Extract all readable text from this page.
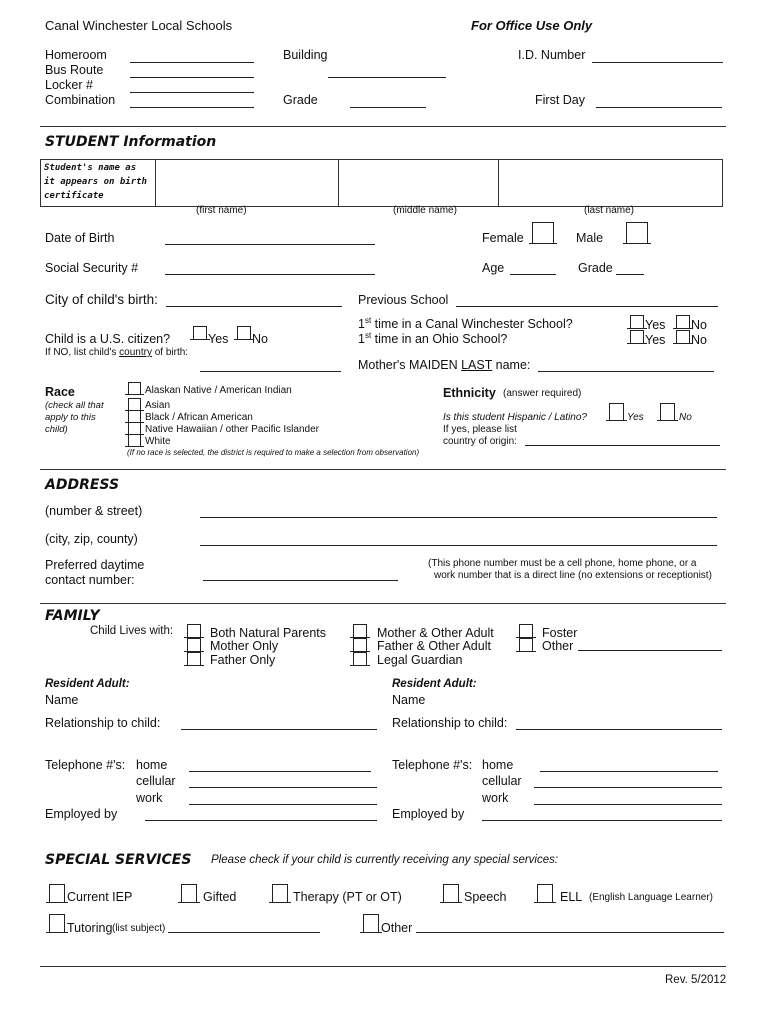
Canal Winchester Local Schools	For Office Use Only
Homeroom
Bus Route
Locker #
Combination
Building
Grade
I.D. Number
First Day
STUDENT Information
Student's name as it appears on birth certificate			
(first name)	(middle name)	(last name)
Date of Birth	Female	Male
Social Security #	Age	Grade
City of child's birth:	Previous School
1st time in a Canal Winchester School?
1st time in an Ohio School?
Yes No
Yes No
Child is a U.S. citizen?	Yes No
If NO, list child's country of birth:
Mother's MAIDEN LAST name:
Race
(check all that
apply to this
child)
Alaskan Native / American Indian
Asian
Black / African American
Native Hawaiian / other Pacific Islander
White
(If no race is selected, the district is required to make a selection from observation)
Ethnicity (answer required)
Is this student Hispanic / Latino?	Yes	No
If yes, please list
country of origin:
ADDRESS
(number & street)
(city, zip, county)
Preferred daytime
contact number:
(This phone number must be a cell phone, home phone, or a
work number that is a direct line (no extensions or receptionist)
FAMILY
Child Lives with:	Both Natural Parents
Mother Only
Father Only
Mother & Other Adult
Father & Other Adult
Legal Guardian
Foster
Other
Resident Adult:
Name
Relationship to child:
Telephone #'s: home
cellular
work
Employed by
Resident Adult:
Name
Relationship to child:
Telephone #'s: home
cellular
work
Employed by
SPECIAL SERVICES Please check if your child is currently receiving any special services:
Current IEP	Gifted	Therapy (PT or OT)	Speech	ELL (English Language Learner)
Tutoring (list subject)	Other
Rev. 5/2012
